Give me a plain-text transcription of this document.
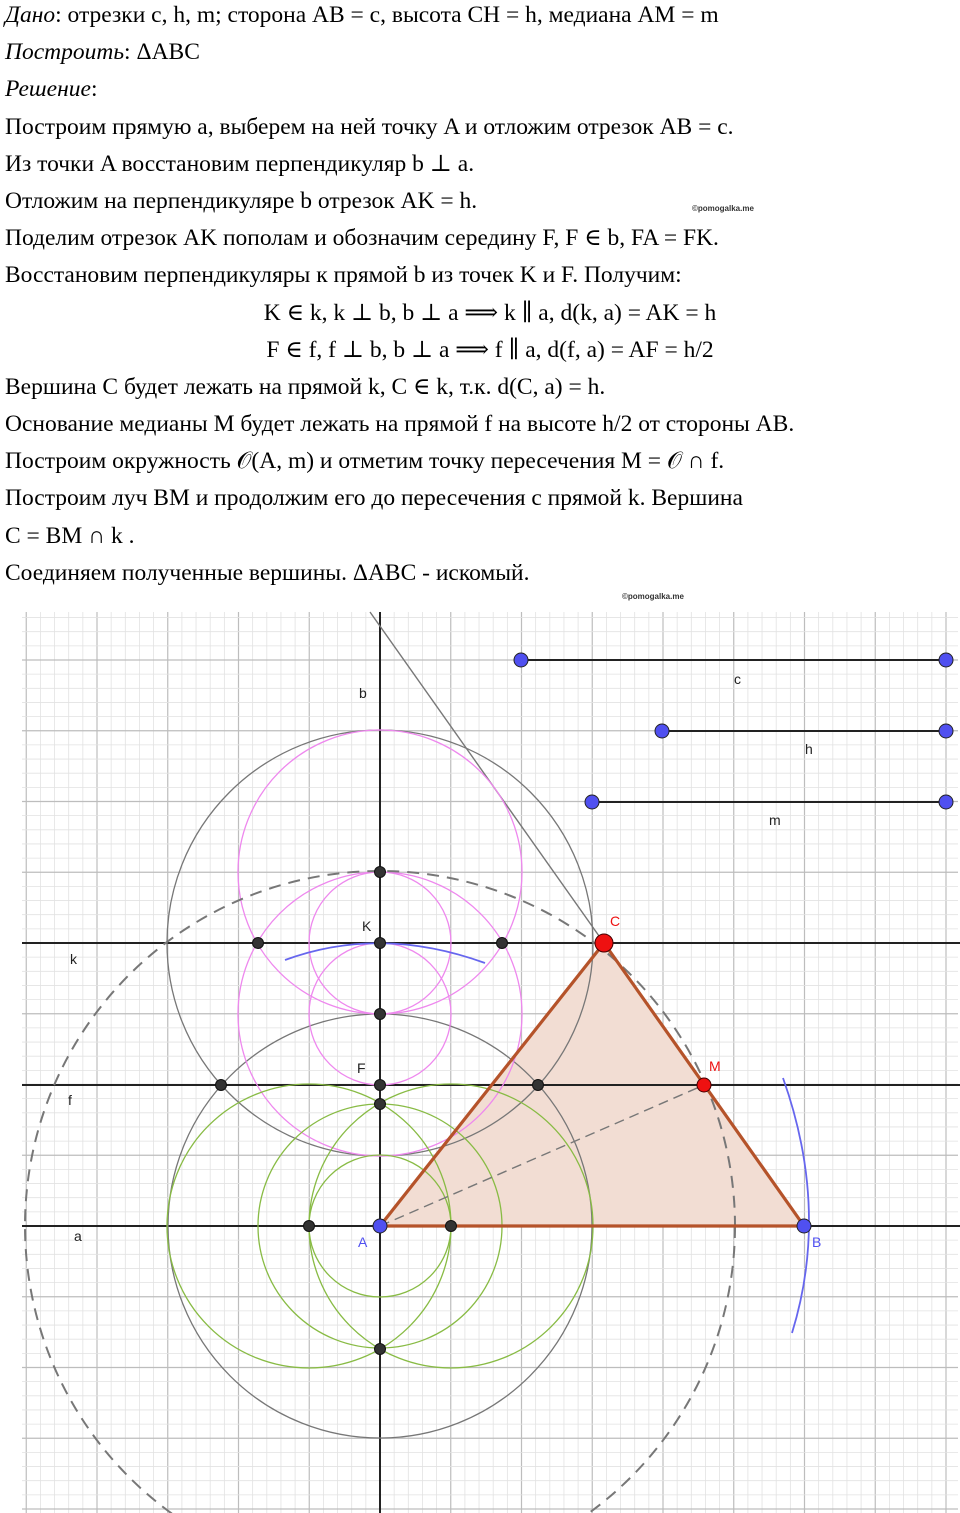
Дано: отрезки c, h, m; сторона AB = c, высота CH = h, медиана AM = m
Построить: ΔABC
Решение:
Построим прямую a, выберем на ней точку A и отложим отрезок AB = c.
Из точки A восстановим перпендикуляр b ⊥ a.
Отложим на перпендикуляре b отрезок AK = h.
Поделим отрезок AK пополам и обозначим середину F, F ∈ b, FA = FK.
Восстановим перпендикуляры к прямой b из точек K и F. Получим:
K ∈ k, k ⊥ b, b ⊥ a ⟹ k ∥ a, d(k, a) = AK = h
F ∈ f, f ⊥ b, b ⊥ a ⟹ f ∥ a, d(f, a) = AF = h/2
Вершина C будет лежать на прямой k, C ∈ k, т.к. d(C, a) = h.
Основание медианы M будет лежать на прямой f на высоте h/2 от стороны AB.
Построим окружность 𝒪(A, m) и отметим точку пересечения M = 𝒪 ∩ f.
Построим луч BM и продолжим его до пересечения с прямой k. Вершина
C = BM ∩ k .
Соединяем полученные вершины. ΔABC - искомый.
©pomogalka.me
©pomogalka.me
b
c
h
m
K
k
F
f
a
C
M
A	B
